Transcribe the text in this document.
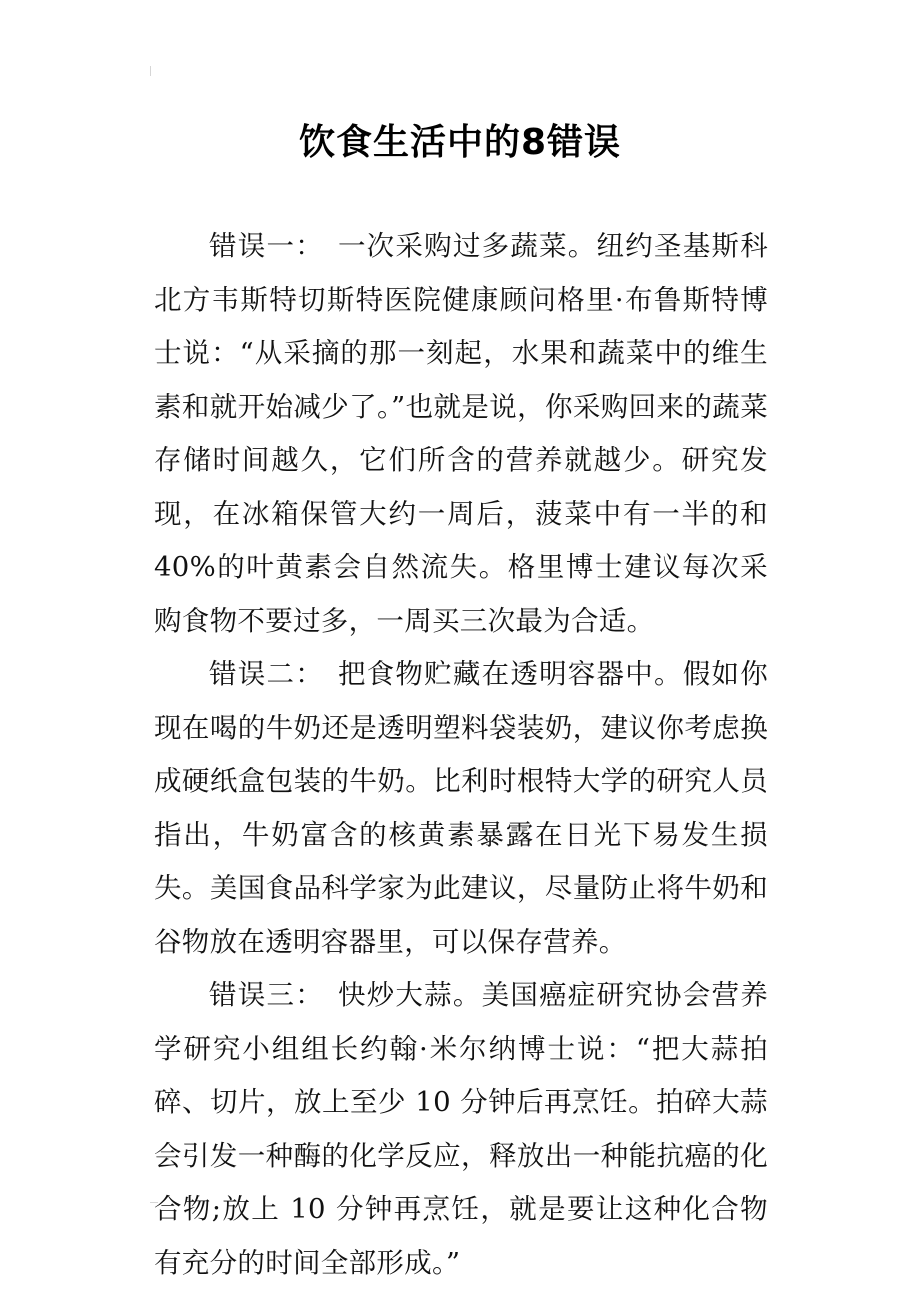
饮食生活中的8错误

错误一： 一次采购过多蔬菜。纽约圣基斯科北方韦斯特切斯特医院健康顾问格里·布鲁斯特博士说：“从采摘的那一刻起，水果和蔬菜中的维生素和就开始减少了。”也就是说，你采购回来的蔬菜存储时间越久，它们所含的营养就越少。研究发现，在冰箱保管大约一周后，菠菜中有一半的和 40%的叶黄素会自然流失。格里博士建议每次采购食物不要过多，一周买三次最为合适。

错误二： 把食物贮藏在透明容器中。假如你现在喝的牛奶还是透明塑料袋装奶，建议你考虑换成硬纸盒包装的牛奶。比利时根特大学的研究人员指出，牛奶富含的核黄素暴露在日光下易发生损失。美国食品科学家为此建议，尽量防止将牛奶和谷物放在透明容器里，可以保存营养。

错误三： 快炒大蒜。美国癌症研究协会营养学研究小组组长约翰·米尔纳博士说：“把大蒜拍碎、切片，放上至少 10 分钟后再烹饪。拍碎大蒜会引发一种酶的化学反应，释放出一种能抗癌的化合物;放上 10 分钟再烹饪，就是要让这种化合物有充分的时间全部形成。”
